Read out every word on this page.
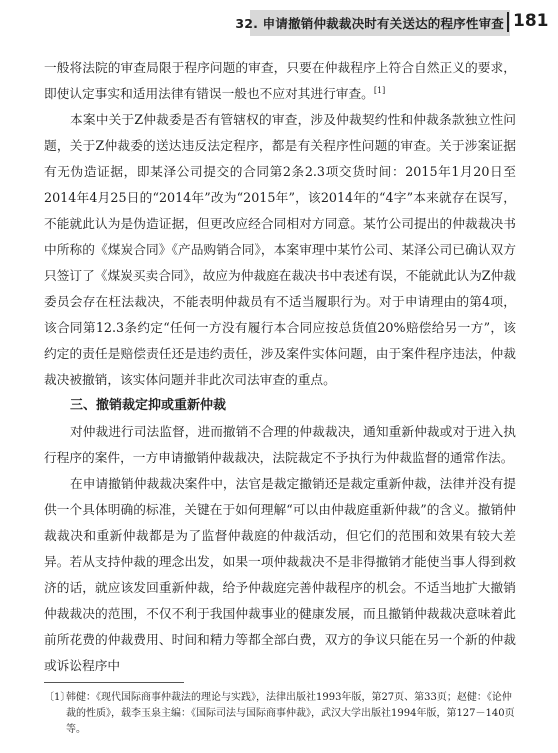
32. 申请撤销仲裁裁决时有关送达的程序性审查 181

一般将法院的审查局限于程序问题的审查，只要在仲裁程序上符合自然正义的要求，即使认定事实和适用法律有错误一般也不应对其进行审查。[1]

本案中关于Z仲裁委是否有管辖权的审查，涉及仲裁契约性和仲裁条款独立性问题，关于Z仲裁委的送达违反法定程序，都是有关程序性问题的审查。关于涉案证据有无伪造证据，即某泽公司提交的合同第2条2.3项交货时间：2015年1月20日至2014年4月25日的“2014年”改为“2015年”，该2014年的“4字”本来就存在误写，不能就此认为是伪造证据，但更改应经合同相对方同意。某竹公司提出的仲裁裁决书中所称的《煤炭合同》《产品购销合同》，本案审理中某竹公司、某泽公司已确认双方只签订了《煤炭买卖合同》，故应为仲裁庭在裁决书中表述有误，不能就此认为Z仲裁委员会存在枉法裁决，不能表明仲裁员有不适当履职行为。对于申请理由的第4项，该合同第12.3条约定“任何一方没有履行本合同应按总货值20%赔偿给另一方”，该约定的责任是赔偿责任还是违约责任，涉及案件实体问题，由于案件程序违法，仲裁裁决被撤销，该实体问题并非此次司法审查的重点。

三、撤销裁定抑或重新仲裁

对仲裁进行司法监督，进而撤销不合理的仲裁裁决，通知重新仲裁或对于进入执行程序的案件，一方申请撤销仲裁裁决，法院裁定不予执行为仲裁监督的通常作法。

在申请撤销仲裁裁决案件中，法官是裁定撤销还是裁定重新仲裁，法律并没有提供一个具体明确的标准，关键在于如何理解“可以由仲裁庭重新仲裁”的含义。撤销仲裁裁决和重新仲裁都是为了监督仲裁庭的仲裁活动，但它们的范围和效果有较大差异。若从支持仲裁的理念出发，如果一项仲裁裁决不是非得撤销才能使当事人得到救济的话，就应该发回重新仲裁，给予仲裁庭完善仲裁程序的机会。不适当地扩大撤销仲裁裁决的范围，不仅不利于我国仲裁事业的健康发展，而且撤销仲裁裁决意味着此前所花费的仲裁费用、时间和精力等都全部白费，双方的争议只能在另一个新的仲裁或诉讼程序中

〔1〕
韩健：《现代国际商事仲裁法的理论与实践》，法律出版社1993年版，第27页、第33页；赵健：《论仲裁的性质》，载李玉泉主编：《国际司法与国际商事仲裁》，武汉大学出版社1994年版，第127－140页等。
